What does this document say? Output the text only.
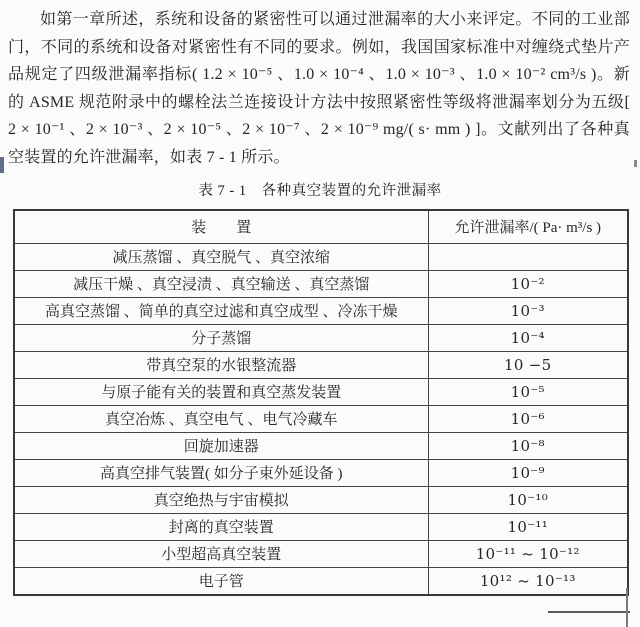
如第一章所述，系统和设备的紧密性可以通过泄漏率的大小来评定。不同的工业部门，不同的系统和设备对紧密性有不同的要求。例如，我国国家标准中对缠绕式垫片产品规定了四级泄漏率指标( 1.2 × 10⁻⁵ 、1.0 × 10⁻⁴ 、1.0 × 10⁻³ 、1.0 × 10⁻² cm³/s )。新的 ASME 规范附录中的螺栓法兰连接设计方法中按照紧密性等级将泄漏率划分为五级[ 2 × 10⁻¹ 、2 × 10⁻³ 、2 × 10⁻⁵ 、2 × 10⁻⁷ 、2 × 10⁻⁹ mg/( s· mm ) ]。文献列出了各种真空装置的允许泄漏率，如表 7 - 1 所示。

表 7 - 1　各种真空装置的允许泄漏率
装　　置	允许泄漏率/( Pa· m³/s )
减压蒸馏 、真空脱气 、真空浓缩	
减压干燥 、真空浸渍 、真空输送 、真空蒸馏	10⁻²
高真空蒸馏 、简单的真空过滤和真空成型 、冷冻干燥	10⁻³
分子蒸馏	10⁻⁴
带真空泵的水银整流器	10 −5
与原子能有关的装置和真空蒸发装置	10⁻⁵
真空冶炼 、真空电气 、电气冷藏车	10⁻⁶
回旋加速器	10⁻⁸
高真空排气装置( 如分子束外延设备 )	10⁻⁹
真空绝热与宇宙模拟	10⁻¹⁰
封离的真空装置	10⁻¹¹
小型超高真空装置	10⁻¹¹ ~ 10⁻¹²
电子管	10¹² ~ 10⁻¹³
